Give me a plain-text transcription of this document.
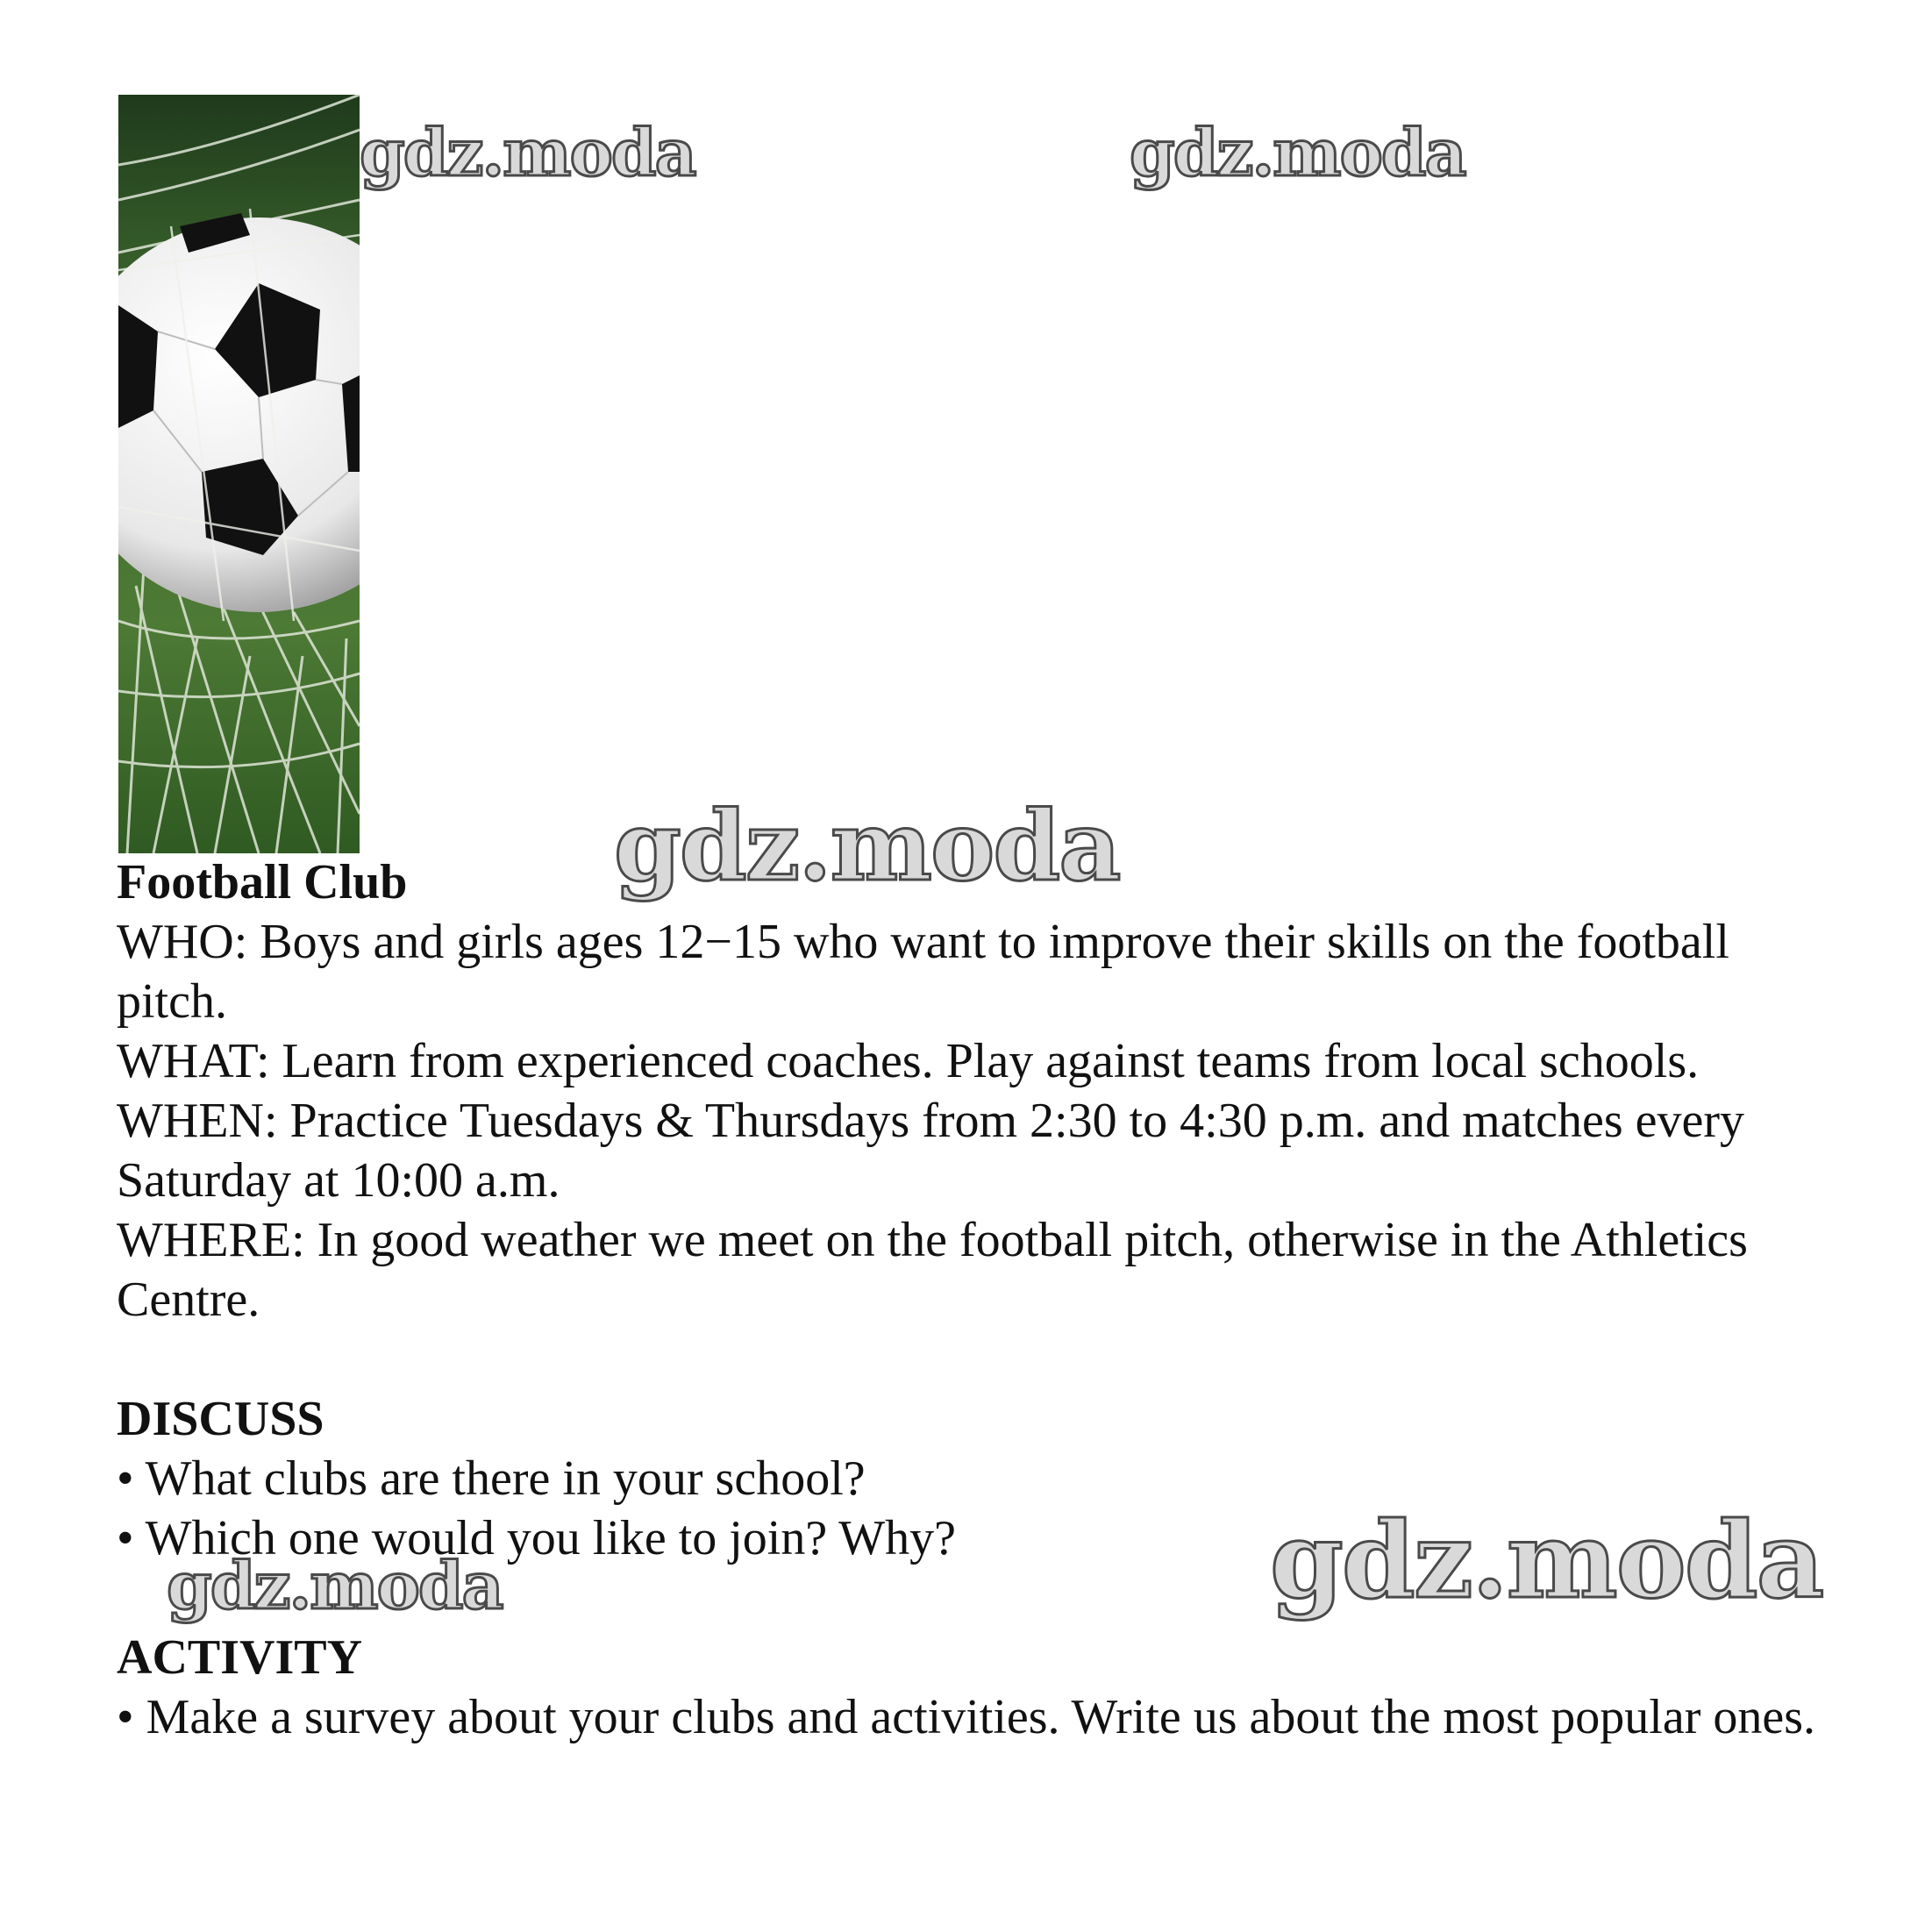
gdz.moda	gdz.moda
gdz.moda
gdz.moda	gdz.moda

Football Club

WHO: Boys and girls ages 12−15 who want to improve their skills on the football pitch.

WHAT: Learn from experienced coaches. Play against teams from local schools.

WHEN: Practice Tuesdays & Thursdays from 2:30 to 4:30 p.m. and matches every Saturday at 10:00 a.m.

WHERE: In good weather we meet on the football pitch, otherwise in the Athletics Centre.

DISCUSS

• What clubs are there in your school?

• Which one would you like to join? Why?

ACTIVITY

• Make a survey about your clubs and activities. Write us about the most popular ones.
